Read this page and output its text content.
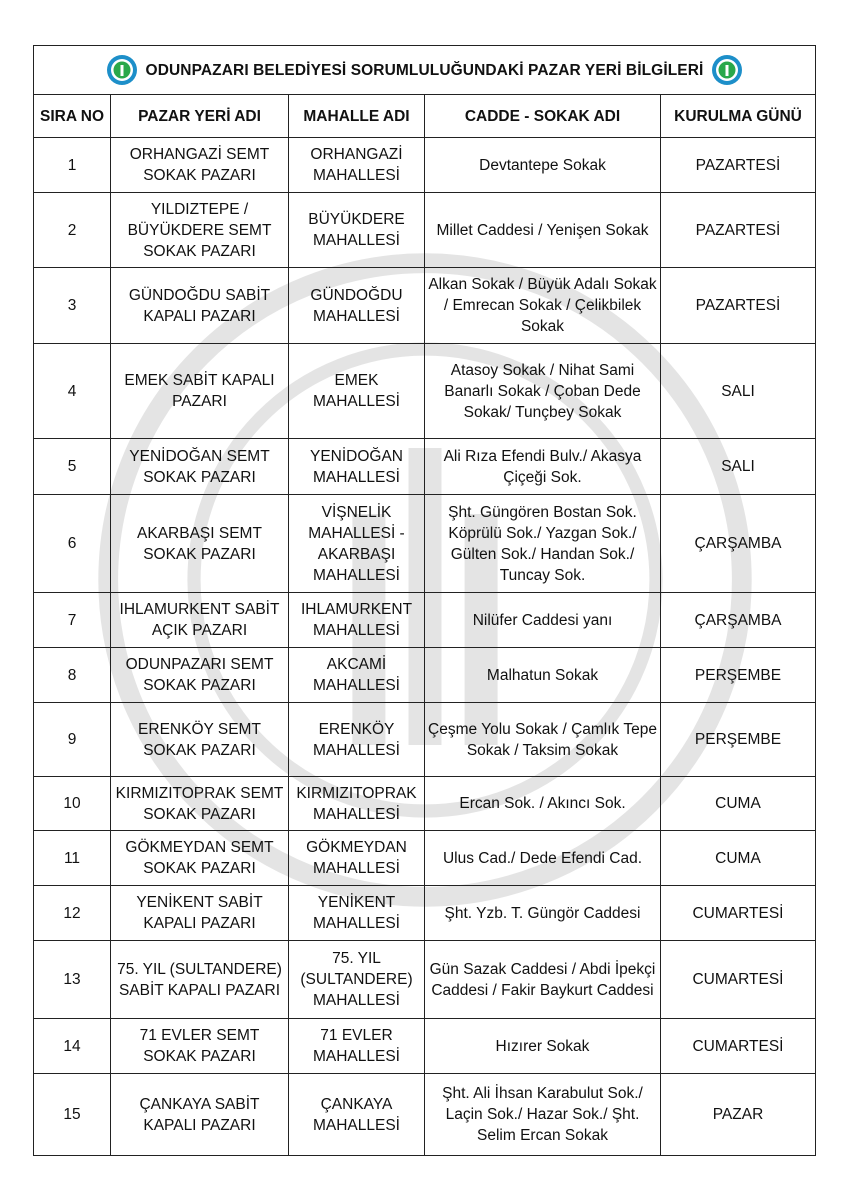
ODUNPAZARI BELEDİYESİ SORUMLULUĞUNDAKİ PAZAR YERİ BİLGİLERİ				

SIRA NO	PAZAR YERİ ADI	MAHALLE ADI	CADDE - SOKAK ADI	KURULMA GÜNÜ
1	ORHANGAZİ SEMT SOKAK PAZARI	ORHANGAZİ MAHALLESİ	Devtantepe Sokak	PAZARTESİ
2	YILDIZTEPE / BÜYÜKDERE SEMT SOKAK PAZARI	BÜYÜKDERE MAHALLESİ	Millet Caddesi / Yenişen Sokak	PAZARTESİ
3	GÜNDOĞDU SABİT KAPALI PAZARI	GÜNDOĞDU MAHALLESİ	Alkan Sokak / Büyük Adalı Sokak / Emrecan Sokak / Çelikbilek Sokak	PAZARTESİ
4	EMEK SABİT KAPALI PAZARI	EMEK MAHALLESİ	Atasoy Sokak / Nihat Sami Banarlı Sokak / Çoban Dede Sokak/ Tunçbey Sokak	SALI
5	YENİDOĞAN SEMT SOKAK PAZARI	YENİDOĞAN MAHALLESİ	Ali Rıza Efendi Bulv./ Akasya Çiçeği Sok.	SALI
6	AKARBAŞI SEMT SOKAK PAZARI	VİŞNELİK MAHALLESİ - AKARBAŞI MAHALLESİ	Şht. Güngören Bostan Sok. Köprülü Sok./ Yazgan Sok./ Gülten Sok./ Handan Sok./ Tuncay Sok.	ÇARŞAMBA
7	IHLAMURKENT SABİT AÇIK PAZARI	IHLAMURKENT MAHALLESİ	Nilüfer Caddesi yanı	ÇARŞAMBA
8	ODUNPAZARI SEMT SOKAK PAZARI	AKCAMİ MAHALLESİ	Malhatun Sokak	PERŞEMBE
9	ERENKÖY SEMT SOKAK PAZARI	ERENKÖY MAHALLESİ	Çeşme Yolu Sokak / Çamlık Tepe Sokak / Taksim Sokak	PERŞEMBE
10	KIRMIZITOPRAK SEMT SOKAK PAZARI	KIRMIZITOPRAK MAHALLESİ	Ercan Sok. / Akıncı Sok.	CUMA
11	GÖKMEYDAN SEMT SOKAK PAZARI	GÖKMEYDAN MAHALLESİ	Ulus Cad./ Dede Efendi Cad.	CUMA
12	YENİKENT SABİT KAPALI PAZARI	YENİKENT MAHALLESİ	Şht. Yzb. T. Güngör Caddesi	CUMARTESİ
13	75. YIL (SULTANDERE) SABİT KAPALI PAZARI	75. YIL (SULTANDERE) MAHALLESİ	Gün Sazak Caddesi / Abdi İpekçi Caddesi / Fakir Baykurt Caddesi	CUMARTESİ
14	71 EVLER SEMT SOKAK PAZARI	71 EVLER MAHALLESİ	Hızırer Sokak	CUMARTESİ
15	ÇANKAYA SABİT KAPALI PAZARI	ÇANKAYA MAHALLESİ	Şht. Ali İhsan Karabulut Sok./ Laçin Sok./ Hazar Sok./ Şht. Selim Ercan Sokak	PAZAR
